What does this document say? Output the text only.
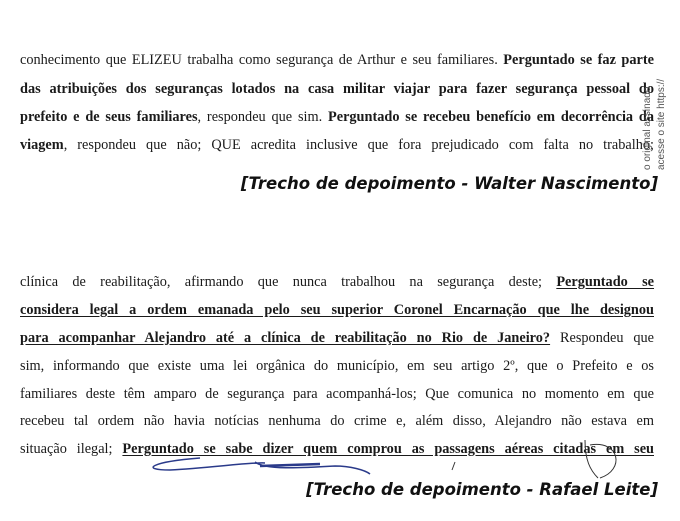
conhecimento que ELIZEU trabalha como segurança de Arthur e seu familiares. Perguntado se faz parte
das atribuições dos seguranças lotados na casa militar viajar para fazer segurança pessoal do
prefeito e de seus familiares, respondeu que sim. Perguntado se recebeu benefício em decorrência da
viagem, respondeu que não; QUE acredita inclusive que fora prejudicado com falta no trabalho;
[Trecho de depoimento - Walter Nascimento]
o original assinado acesse o site https://
clínica de reabilitação, afirmando que nunca trabalhou na segurança deste; Perguntado se
considera legal a ordem emanada pelo seu superior Coronel Encarnação que lhe designou
para acompanhar Alejandro até a clínica de reabilitação no Rio de Janeiro? Respondeu que
sim, informando que existe uma lei orgânica do município, em seu artigo 2º, que o Prefeito e os
familiares deste têm amparo de segurança para acompanhá-los; Que comunica no momento em que
recebeu tal ordem não havia notícias nenhuma do crime e, além disso, Alejandro não estava em
situação ilegal; Perguntado se sabe dizer quem comprou as passagens aéreas citadas em seu
[Trecho de depoimento - Rafael Leite]
